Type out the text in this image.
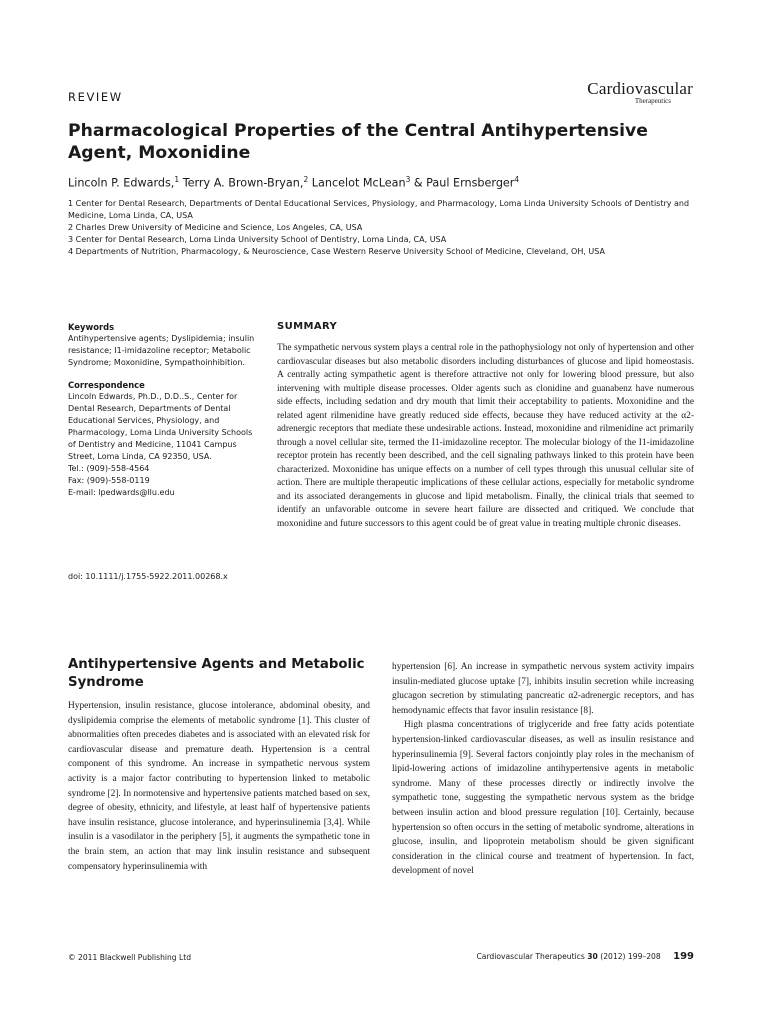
REVIEW	Cardiovascular
Therapeutics
Pharmacological Properties of the Central Antihypertensive Agent, Moxonidine
Lincoln P. Edwards,$^1$ Terry A. Brown-Bryan,$^2$ Lancelot McLean$^3$ & Paul Ernsberger$^4$
1 Center for Dental Research, Departments of Dental Educational Services, Physiology, and Pharmacology, Loma Linda University Schools of Dentistry and Medicine, Loma Linda, CA, USA
2 Charles Drew University of Medicine and Science, Los Angeles, CA, USA
3 Center for Dental Research, Loma Linda University School of Dentistry, Loma Linda, CA, USA
4 Departments of Nutrition, Pharmacology, & Neuroscience, Case Western Reserve University School of Medicine, Cleveland, OH, USA
Keywords
Antihypertensive agents; Dyslipidemia; insulin resistance; I1-imidazoline receptor; Metabolic Syndrome; Moxonidine, Sympathoinhibition.
Correspondence
Lincoln Edwards, Ph.D., D.D..S., Center for Dental Research, Departments of Dental Educational Services, Physiology, and Pharmacology, Loma Linda University Schools of Dentistry and Medicine, 11041 Campus Street, Loma Linda, CA 92350, USA.
Tel.: (909)-558-4564
Fax: (909)-558-0119
E-mail: lpedwards@llu.edu
doi: 10.1111/j.1755-5922.2011.00268.x
SUMMARY

The sympathetic nervous system plays a central role in the pathophysiology not only of hypertension and other cardiovascular diseases but also metabolic disorders including disturbances of glucose and lipid homeostasis. A centrally acting sympathetic agent is therefore attractive not only for lowering blood pressure, but also intervening with multiple disease processes. Older agents such as clonidine and guanabenz have numerous side effects, including sedation and dry mouth that limit their acceptability to patients. Moxonidine and the related agent rilmenidine have greatly reduced side effects, because they have reduced activity at the α2-adrenergic receptors that mediate these undesirable actions. Instead, moxonidine and rilmenidine act primarily through a novel cellular site, termed the I1-imidazoline receptor. The molecular biology of the I1-imidazoline receptor protein has recently been described, and the cell signaling pathways linked to this protein have been characterized. Moxonidine has unique effects on a number of cell types through this unusual cellular site of action. There are multiple therapeutic implications of these cellular actions, especially for metabolic syndrome and its associated derangements in glucose and lipid metabolism. Finally, the clinical trials that seemed to identify an unfavorable outcome in severe heart failure are dissected and critiqued. We conclude that moxonidine and future successors to this agent could be of great value in treating multiple chronic diseases.

Antihypertensive Agents and Metabolic Syndrome

Hypertension, insulin resistance, glucose intolerance, abdominal obesity, and dyslipidemia comprise the elements of metabolic syndrome [1]. This cluster of abnormalities often precedes diabetes and is associated with an elevated risk for cardiovascular disease and premature death. Hypertension is a central component of this syndrome. An increase in sympathetic nervous system activity is a major factor contributing to hypertension linked to metabolic syndrome [2]. In normotensive and hypertensive patients matched based on sex, degree of obesity, ethnicity, and lifestyle, at least half of hypertensive patients have insulin resistance, glucose intolerance, and hyperinsulinemia [3,4]. While insulin is a vasodilator in the periphery [5], it augments the sympathetic tone in the brain stem, an action that may link insulin resistance and subsequent compensatory hyperinsulinemia with

hypertension [6]. An increase in sympathetic nervous system activity impairs insulin-mediated glucose uptake [7], inhibits insulin secretion while increasing glucagon secretion by stimulating pancreatic α2-adrenergic receptors, and has hemodynamic effects that favor insulin resistance [8].

High plasma concentrations of triglyceride and free fatty acids potentiate hypertension-linked cardiovascular diseases, as well as insulin resistance and hyperinsulinemia [9]. Several factors conjointly play roles in the mechanism of lipid-lowering actions of imidazoline antihypertensive agents in metabolic syndrome. Many of these processes directly or indirectly involve the sympathetic tone, suggesting the sympathetic nervous system as the bridge between insulin action and blood pressure regulation [10]. Certainly, because hypertension so often occurs in the setting of metabolic syndrome, alterations in glucose, insulin, and lipoprotein metabolism should be given significant consideration in the clinical course and treatment of hypertension. In fact, development of novel

© 2011 Blackwell Publishing Ltd	Cardiovascular Therapeutics 30 (2012) 199–208 199
